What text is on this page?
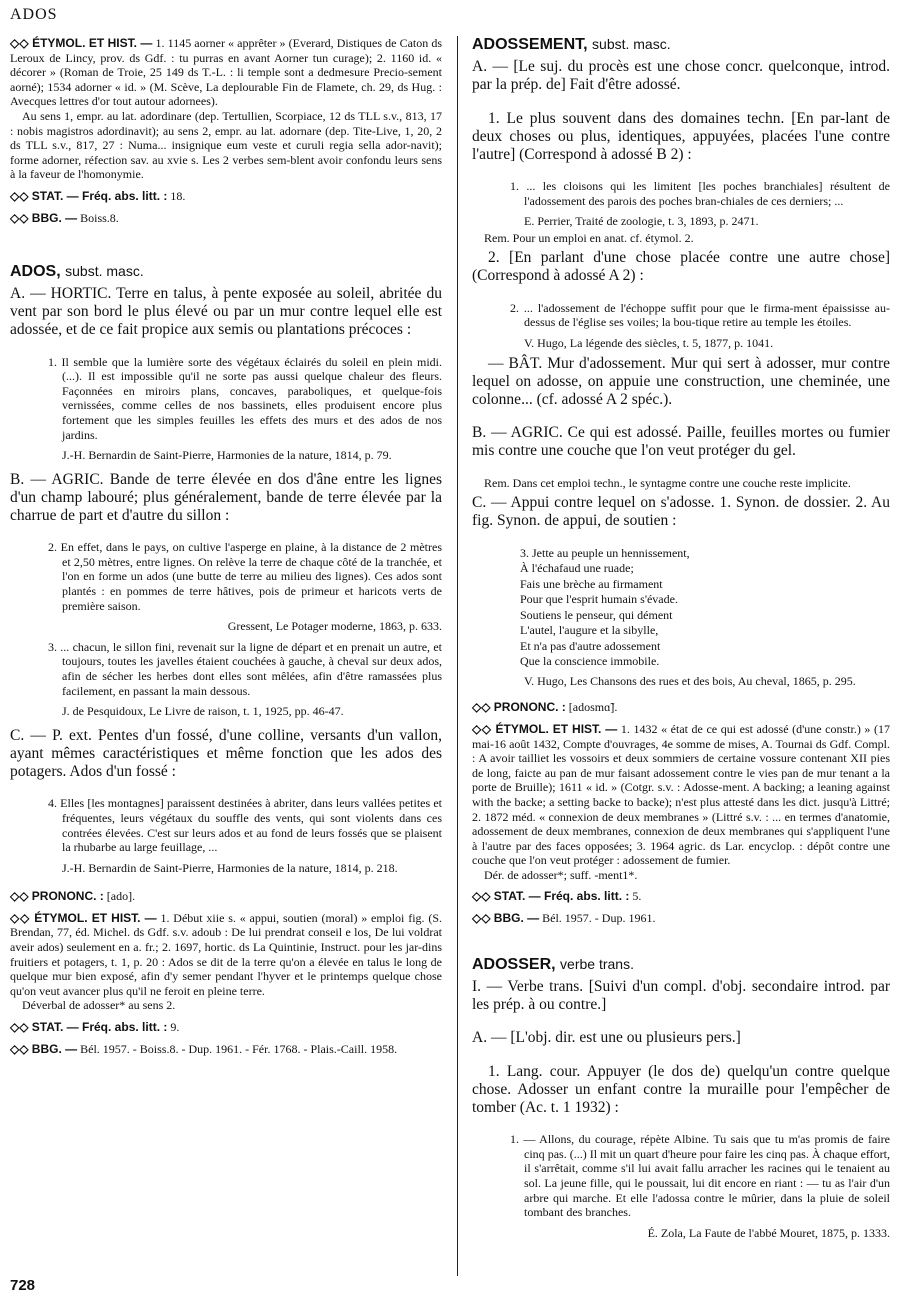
ADOS

◇◇ ÉTYMOL. ET HIST. — 1. 1145 aorner « apprêter » (Everard, Distiques de Caton ds Leroux de Lincy, prov. ds Gdf. : tu purras en avant Aorner tun curage); 2. 1160 id. « décorer » (Roman de Troie, 25 149 ds T.-L. : li temple sont a dedmesure Precio-sement aorné); 1534 adorner « id. » (M. Scève, La deplourable Fin de Flamete, ch. 29, ds Hug. : Avecques lettres d'or tout autour adornees).

Au sens 1, empr. au lat. adordinare (dep. Tertullien, Scorpiace, 12 ds TLL s.v., 813, 17 : nobis magistros adordinavit); au sens 2, empr. au lat. adornare (dep. Tite-Live, 1, 20, 2 ds TLL s.v., 817, 27 : Numa... insignique eum veste et curuli regia sella ador-navit); forme adorner, réfection sav. au xvie s. Les 2 verbes sem-blent avoir confondu leurs sens à la faveur de l'homonymie.

◇◇ STAT. — Fréq. abs. litt. : 18.

◇◇ BBG. — Boiss.8.

ADOS, subst. masc.

A. — HORTIC. Terre en talus, à pente exposée au soleil, abritée du vent par son bord le plus élevé ou par un mur contre lequel elle est adossée, et de ce fait propice aux semis ou plantations précoces :

1. Il semble que la lumière sorte des végétaux éclairés du soleil en plein midi. (...). Il est impossible qu'il ne sorte pas aussi quelque chaleur des fleurs. Façonnées en miroirs plans, concaves, paraboliques, et quelque-fois vernissées, comme celles de nos bassinets, elles produisent encore plus fortement que les simples feuilles les effets des murs et des ados de nos jardins.

J.-H. Bernardin de Saint-Pierre, Harmonies de la nature, 1814, p. 79.

B. — AGRIC. Bande de terre élevée en dos d'âne entre les lignes d'un champ labouré; plus généralement, bande de terre élevée par la charrue de part et d'autre du sillon :

2. En effet, dans le pays, on cultive l'asperge en plaine, à la distance de 2 mètres et 2,50 mètres, entre lignes. On relève la terre de chaque côté de la tranchée, et l'on en forme un ados (une butte de terre au milieu des lignes). Ces ados sont plantés : en pommes de terre hâtives, pois de primeur et haricots verts de première saison.

Gressent, Le Potager moderne, 1863, p. 633.

3. ... chacun, le sillon fini, revenait sur la ligne de départ et en prenait un autre, et toujours, toutes les javelles étaient couchées à gauche, à cheval sur deux ados, afin de sécher les herbes dont elles sont mêlées, afin d'être ramassées plus facilement, en passant la main dessous.

J. de Pesquidoux, Le Livre de raison, t. 1, 1925, pp. 46-47.

C. — P. ext. Pentes d'un fossé, d'une colline, versants d'un vallon, ayant mêmes caractéristiques et même fonction que les ados des potagers. Ados d'un fossé :

4. Elles [les montagnes] paraissent destinées à abriter, dans leurs vallées petites et fréquentes, leurs végétaux du souffle des vents, qui sont violents dans ces contrées élevées. C'est sur leurs ados et au fond de leurs fossés que se plaisent la rhubarbe au large feuillage, ...

J.-H. Bernardin de Saint-Pierre, Harmonies de la nature, 1814, p. 218.

◇◇ PRONONC. : [ado].

◇◇ ÉTYMOL. ET HIST. — 1. Début xiie s. « appui, soutien (moral) » emploi fig. (S. Brendan, 77, éd. Michel. ds Gdf. s.v. adoub : De lui prendrat conseil e los, De lui voldrat aveir ados) seulement en a. fr.; 2. 1697, hortic. ds La Quintinie, Instruct. pour les jar-dins fruitiers et potagers, t. 1, p. 20 : Ados se dit de la terre qu'on a élevée en talus le long de quelque mur bien exposé, afin d'y semer pendant l'hyver et le printemps quelque chose qu'on veut avancer plus qu'il ne feroit en pleine terre.

Déverbal de adosser* au sens 2.

◇◇ STAT. — Fréq. abs. litt. : 9.

◇◇ BBG. — Bél. 1957. - Boiss.8. - Dup. 1961. - Fér. 1768. - Plais.-Caill. 1958.

ADOSSEMENT, subst. masc.

A. — [Le suj. du procès est une chose concr. quelconque, introd. par la prép. de] Fait d'être adossé.

1. Le plus souvent dans des domaines techn. [En par-lant de deux choses ou plus, identiques, appuyées, placées l'une contre l'autre] (Correspond à adossé B 2) :

1. ... les cloisons qui les limitent [les poches branchiales] résultent de l'adossement des parois des poches bran-chiales de ces derniers; ...

E. Perrier, Traité de zoologie, t. 3, 1893, p. 2471.

Rem. Pour un emploi en anat. cf. étymol. 2.

2. [En parlant d'une chose placée contre une autre chose] (Correspond à adossé A 2) :

2. ... l'adossement de l'échoppe suffit pour que le firma-ment épaississe au-dessus de l'église ses voiles; la bou-tique retire au temple les étoiles.

V. Hugo, La légende des siècles, t. 5, 1877, p. 1041.

— BÂT. Mur d'adossement. Mur qui sert à adosser, mur contre lequel on adosse, on appuie une construction, une cheminée, une colonne... (cf. adossé A 2 spéc.).

B. — AGRIC. Ce qui est adossé. Paille, feuilles mortes ou fumier mis contre une couche que l'on veut protéger du gel.

Rem. Dans cet emploi techn., le syntagme contre une couche reste implicite.

C. — Appui contre lequel on s'adosse. 1. Synon. de dossier. 2. Au fig. Synon. de appui, de soutien :

3. Jette au peuple un hennissement,
À l'échafaud une ruade;
Fais une brèche au firmament
Pour que l'esprit humain s'évade.
Soutiens le penseur, qui dément
L'autel, l'augure et la sibylle,
Et n'a pas d'autre adossement
Que la conscience immobile.
V. Hugo, Les Chansons des rues et des bois, Au cheval, 1865, p. 295.

◇◇ PRONONC. : [adosmɑ̃].

◇◇ ÉTYMOL. ET HIST. — 1. 1432 « état de ce qui est adossé (d'une constr.) » (17 mai-16 août 1432, Compte d'ouvrages, 4e somme de mises, A. Tournai ds Gdf. Compl. : A avoir tailliet les vossoirs et deux sommiers de certaine vossure contenant XII pies de long, faicte au pan de mur faisant adossement contre le vies pan de mur tenant a la porte de Bruille); 1611 « id. » (Cotgr. s.v. : Adosse-ment. A backing; a leaning against with the backe; a setting backe to backe); n'est plus attesté dans les dict. jusqu'à Littré; 2. 1872 méd. « connexion de deux membranes » (Littré s.v. : ... en termes d'anatomie, adossement de deux membranes, connexion de deux membranes qui s'appliquent l'une à l'autre par des faces opposées; 3. 1964 agric. ds Lar. encyclop. : dépôt contre une couche que l'on veut protéger : adossement de fumier.

Dér. de adosser*; suff. -ment1*.

◇◇ STAT. — Fréq. abs. litt. : 5.

◇◇ BBG. — Bél. 1957. - Dup. 1961.

ADOSSER, verbe trans.

I. — Verbe trans. [Suivi d'un compl. d'obj. secondaire introd. par les prép. à ou contre.]

A. — [L'obj. dir. est une ou plusieurs pers.]

1. Lang. cour. Appuyer (le dos de) quelqu'un contre quelque chose. Adosser un enfant contre la muraille pour l'empêcher de tomber (Ac. t. 1 1932) :

1. — Allons, du courage, répète Albine. Tu sais que tu m'as promis de faire cinq pas. (...) Il mit un quart d'heure pour faire les cinq pas. À chaque effort, il s'arrêtait, comme s'il lui avait fallu arracher les racines qui le tenaient au sol. La jeune fille, qui le poussait, lui dit encore en riant : — tu as l'air d'un arbre qui marche. Et elle l'adossa contre le mûrier, dans la pluie de soleil tombant des branches.

É. Zola, La Faute de l'abbé Mouret, 1875, p. 1333.
728
